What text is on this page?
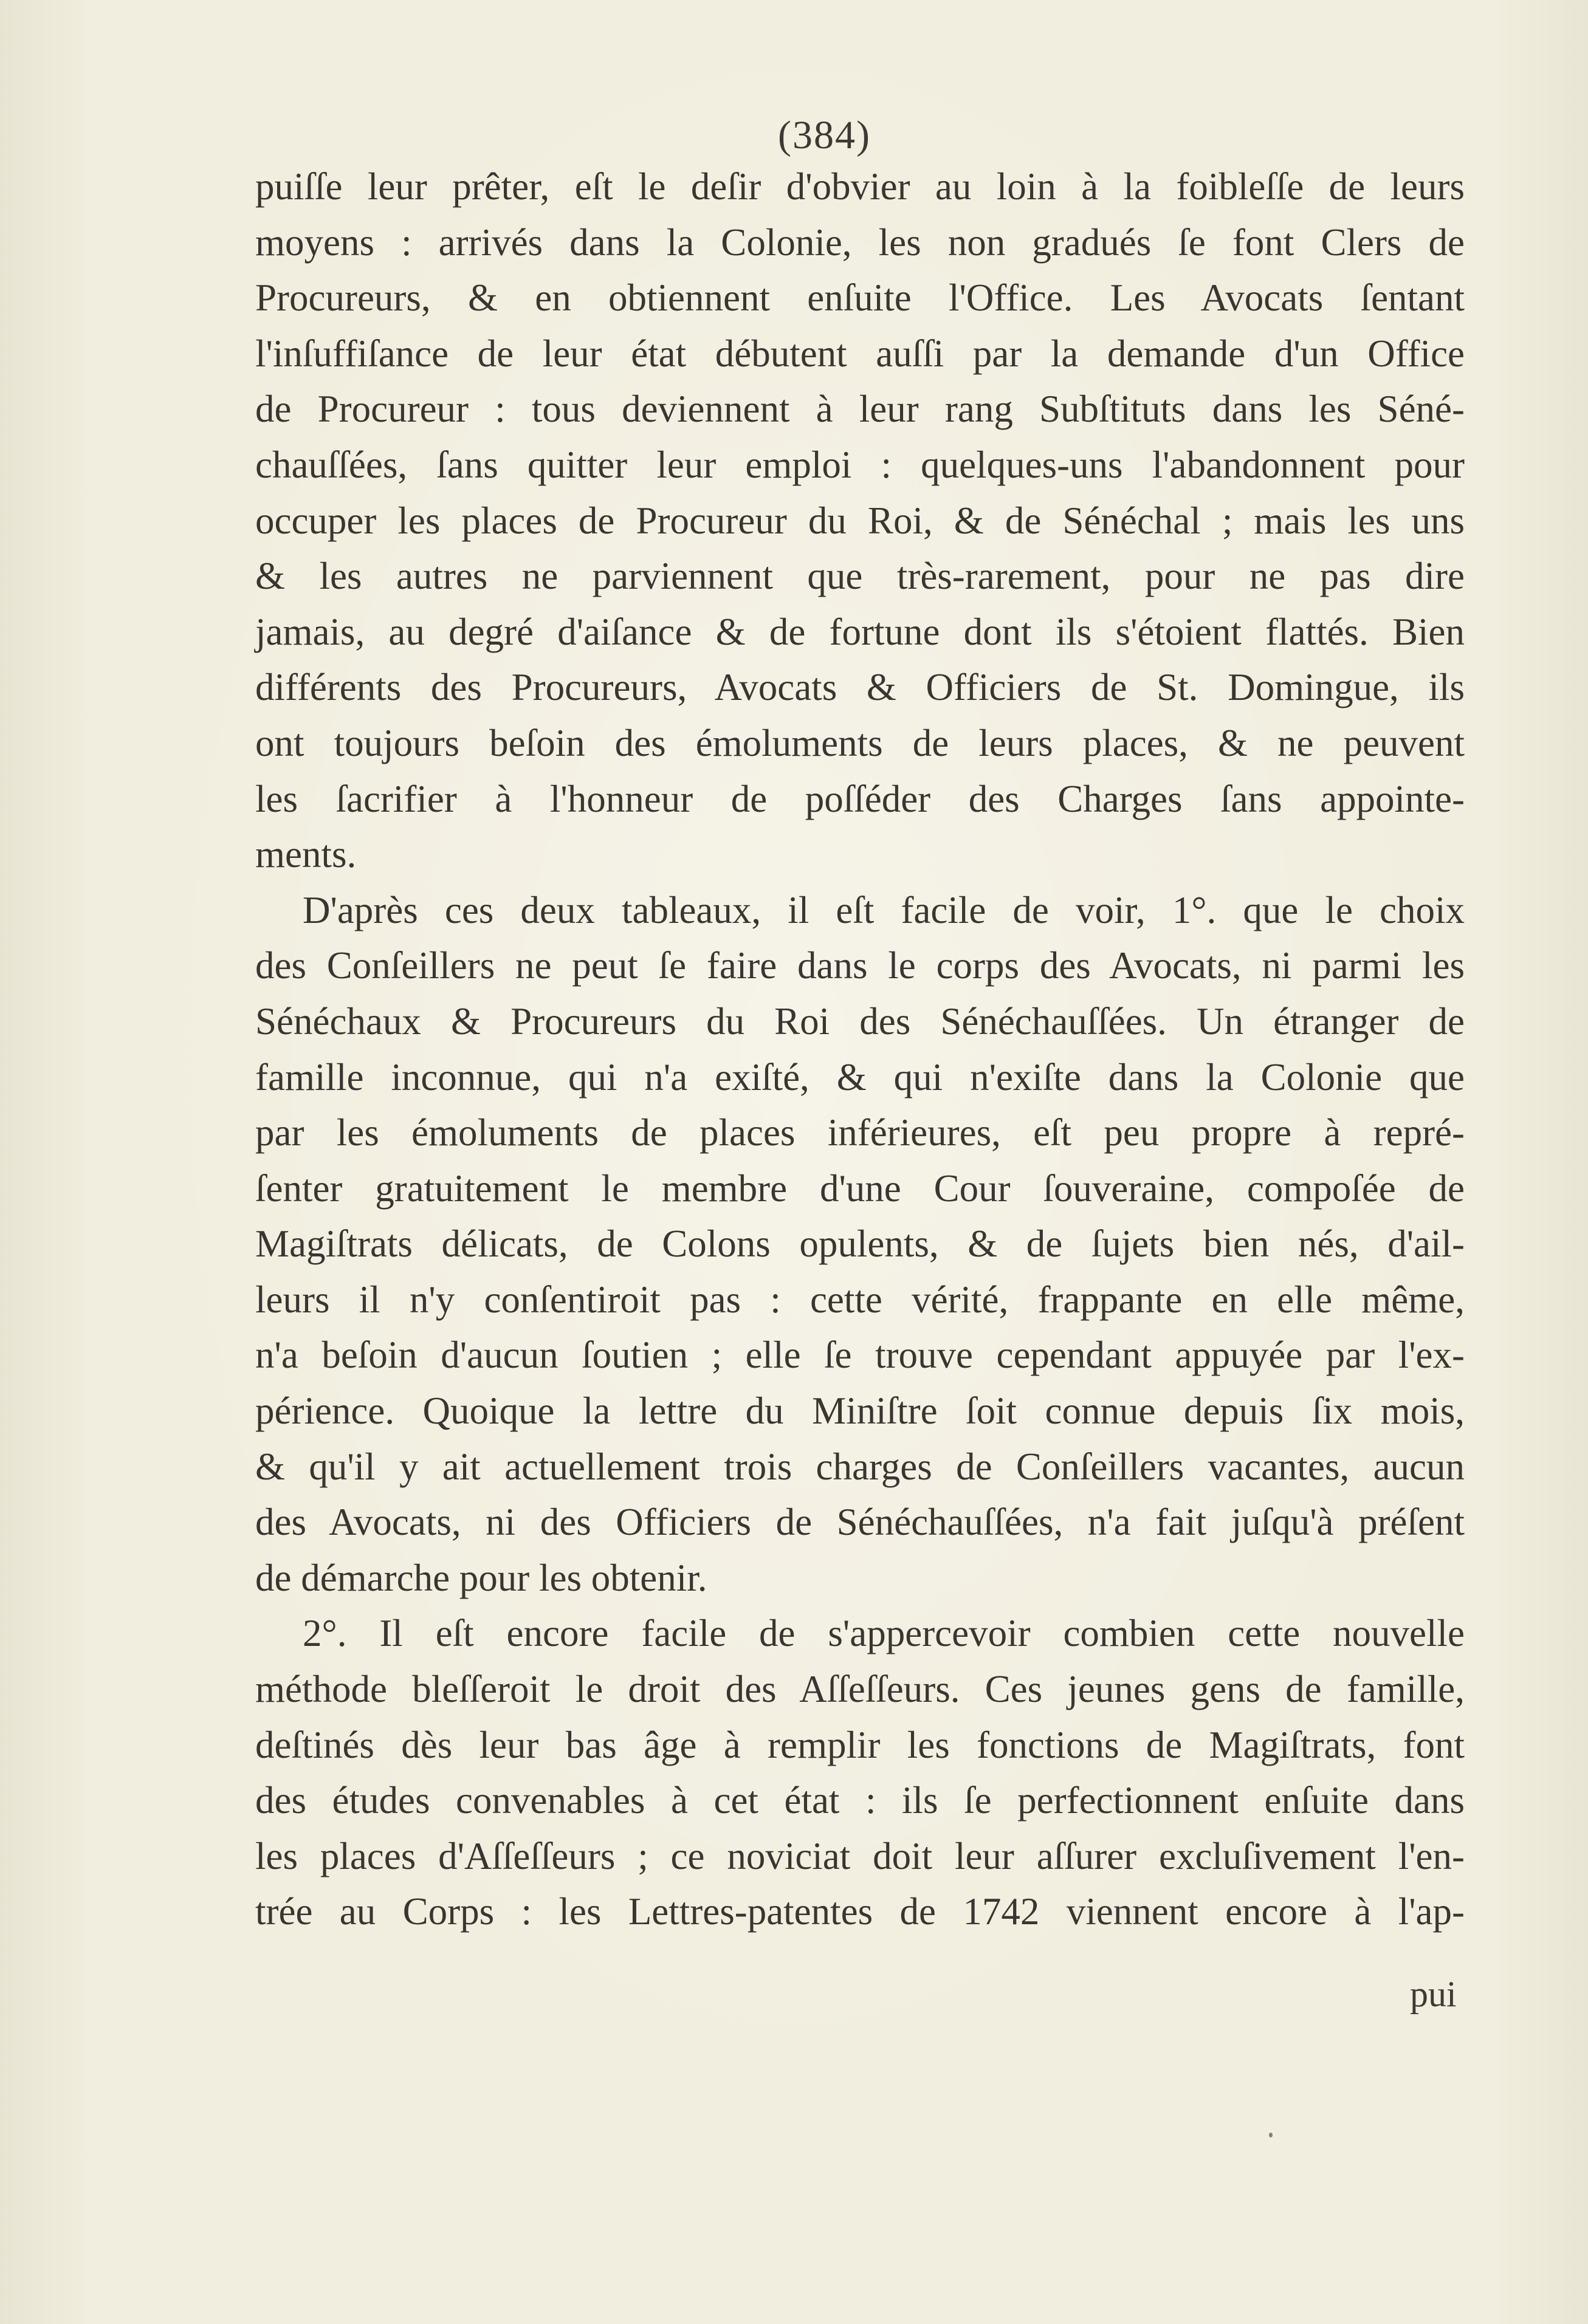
(384)
puiſſe leur prêter, eſt le deſir d'obvier au loin à la foibleſſe de leurs
moyens : arrivés dans la Colonie, les non gradués ſe font Clers de
Procureurs, & en obtiennent enſuite l'Office. Les Avocats ſentant
l'inſuffiſance de leur état débutent auſſi par la demande d'un Office
de Procureur : tous deviennent à leur rang Subſtituts dans les Séné-
chauſſées, ſans quitter leur emploi : quelques-uns l'abandonnent pour
occuper les places de Procureur du Roi, & de Sénéchal ; mais les uns
& les autres ne parviennent que très-rarement, pour ne pas dire
jamais, au degré d'aiſance & de fortune dont ils s'étoient flattés. Bien
différents des Procureurs, Avocats & Officiers de St. Domingue, ils
ont toujours beſoin des émoluments de leurs places, & ne peuvent
les ſacrifier à l'honneur de poſſéder des Charges ſans appointe-
ments.
D'après ces deux tableaux, il eſt facile de voir, 1°. que le choix
des Conſeillers ne peut ſe faire dans le corps des Avocats, ni parmi les
Sénéchaux & Procureurs du Roi des Sénéchauſſées. Un étranger de
famille inconnue, qui n'a exiſté, & qui n'exiſte dans la Colonie que
par les émoluments de places inférieures, eſt peu propre à repré-
ſenter gratuitement le membre d'une Cour ſouveraine, compoſée de
Magiſtrats délicats, de Colons opulents, & de ſujets bien nés, d'ail-
leurs il n'y conſentiroit pas : cette vérité, frappante en elle même,
n'a beſoin d'aucun ſoutien ; elle ſe trouve cependant appuyée par l'ex-
périence. Quoique la lettre du Miniſtre ſoit connue depuis ſix mois,
& qu'il y ait actuellement trois charges de Conſeillers vacantes, aucun
des Avocats, ni des Officiers de Sénéchauſſées, n'a fait juſqu'à préſent
de démarche pour les obtenir.
2°. Il eſt encore facile de s'appercevoir combien cette nouvelle
méthode bleſſeroit le droit des Aſſeſſeurs. Ces jeunes gens de famille,
deſtinés dès leur bas âge à remplir les fonctions de Magiſtrats, font
des études convenables à cet état : ils ſe perfectionnent enſuite dans
les places d'Aſſeſſeurs ; ce noviciat doit leur aſſurer excluſivement l'en-
trée au Corps : les Lettres-patentes de 1742 viennent encore à l'ap-
pui
